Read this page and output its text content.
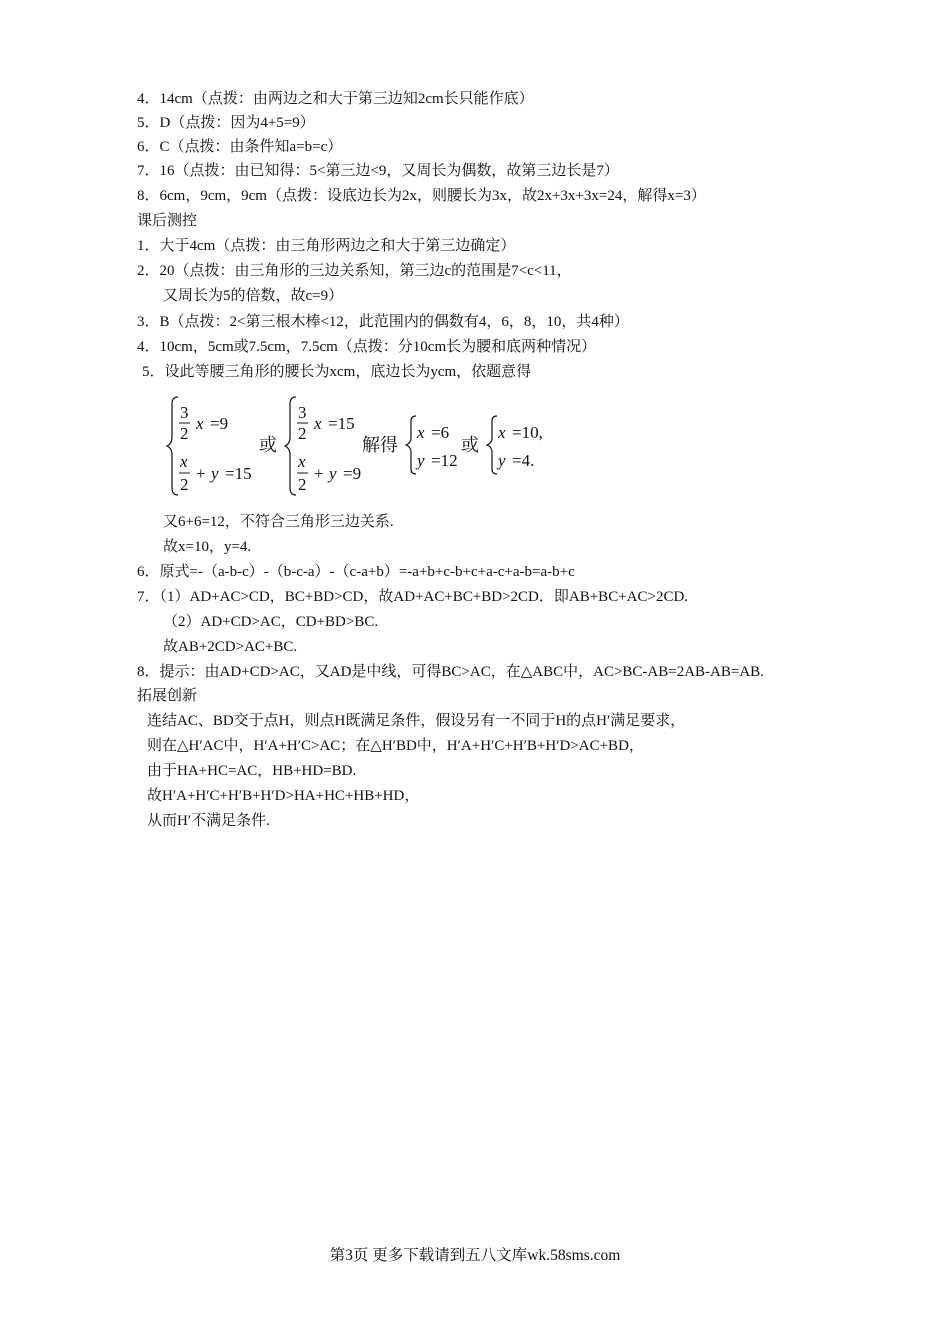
4．14cm（点拨：由两边之和大于第三边知2cm长只能作底）
5．D（点拨：因为4+5=9）
6．C（点拨：由条件知a=b=c）
7．16（点拨：由已知得：5<第三边<9，又周长为偶数，故第三边长是7）
8．6cm，9cm，9cm（点拨：设底边长为2x，则腰长为3x，故2x+3x+3x=24，解得x=3）
课后测控
1．大于4cm（点拨：由三角形两边之和大于第三边确定）
2．20（点拨：由三角形的三边关系知，第三边c的范围是7<c<11，
又周长为5的倍数，故c=9）
3．B（点拨：2<第三根木棒<12，此范围内的偶数有4，6，8，10，共4种）
4．10cm，5cm或7.5cm，7.5cm（点拨：分10cm长为腰和底两种情况）
5．设此等腰三角形的腰长为xcm，底边长为ycm，依题意得
3
2
x =9
x
2
+ y =15
3
2
x =15
x
2
+ y =9
x =6
y =12
x =10,
y =4.
或	解得	或
又6+6=12，不符合三角形三边关系.
故x=10，y=4.
6．原式=-（a-b-c）-（b-c-a）-（c-a+b）=-a+b+c-b+c+a-c+a-b=a-b+c
7．（1）AD+AC>CD，BC+BD>CD，故AD+AC+BC+BD>2CD．即AB+BC+AC>2CD.
（2）AD+CD>AC，CD+BD>BC.
故AB+2CD>AC+BC.
8．提示：由AD+CD>AC，又AD是中线，可得BC>AC，在△ABC中，AC>BC-AB=2AB-AB=AB.
拓展创新
连结AC、BD交于点H，则点H既满足条件，假设另有一不同于H的点H′满足要求，
则在△H′AC中，H′A+H′C>AC；在△H′BD中，H′A+H′C+H′B+H′D>AC+BD，
由于HA+HC=AC，HB+HD=BD.
故H′A+H′C+H′B+H′D>HA+HC+HB+HD，
从而H′不满足条件.
第3页 更多下载请到五八文库wk.58sms.com
